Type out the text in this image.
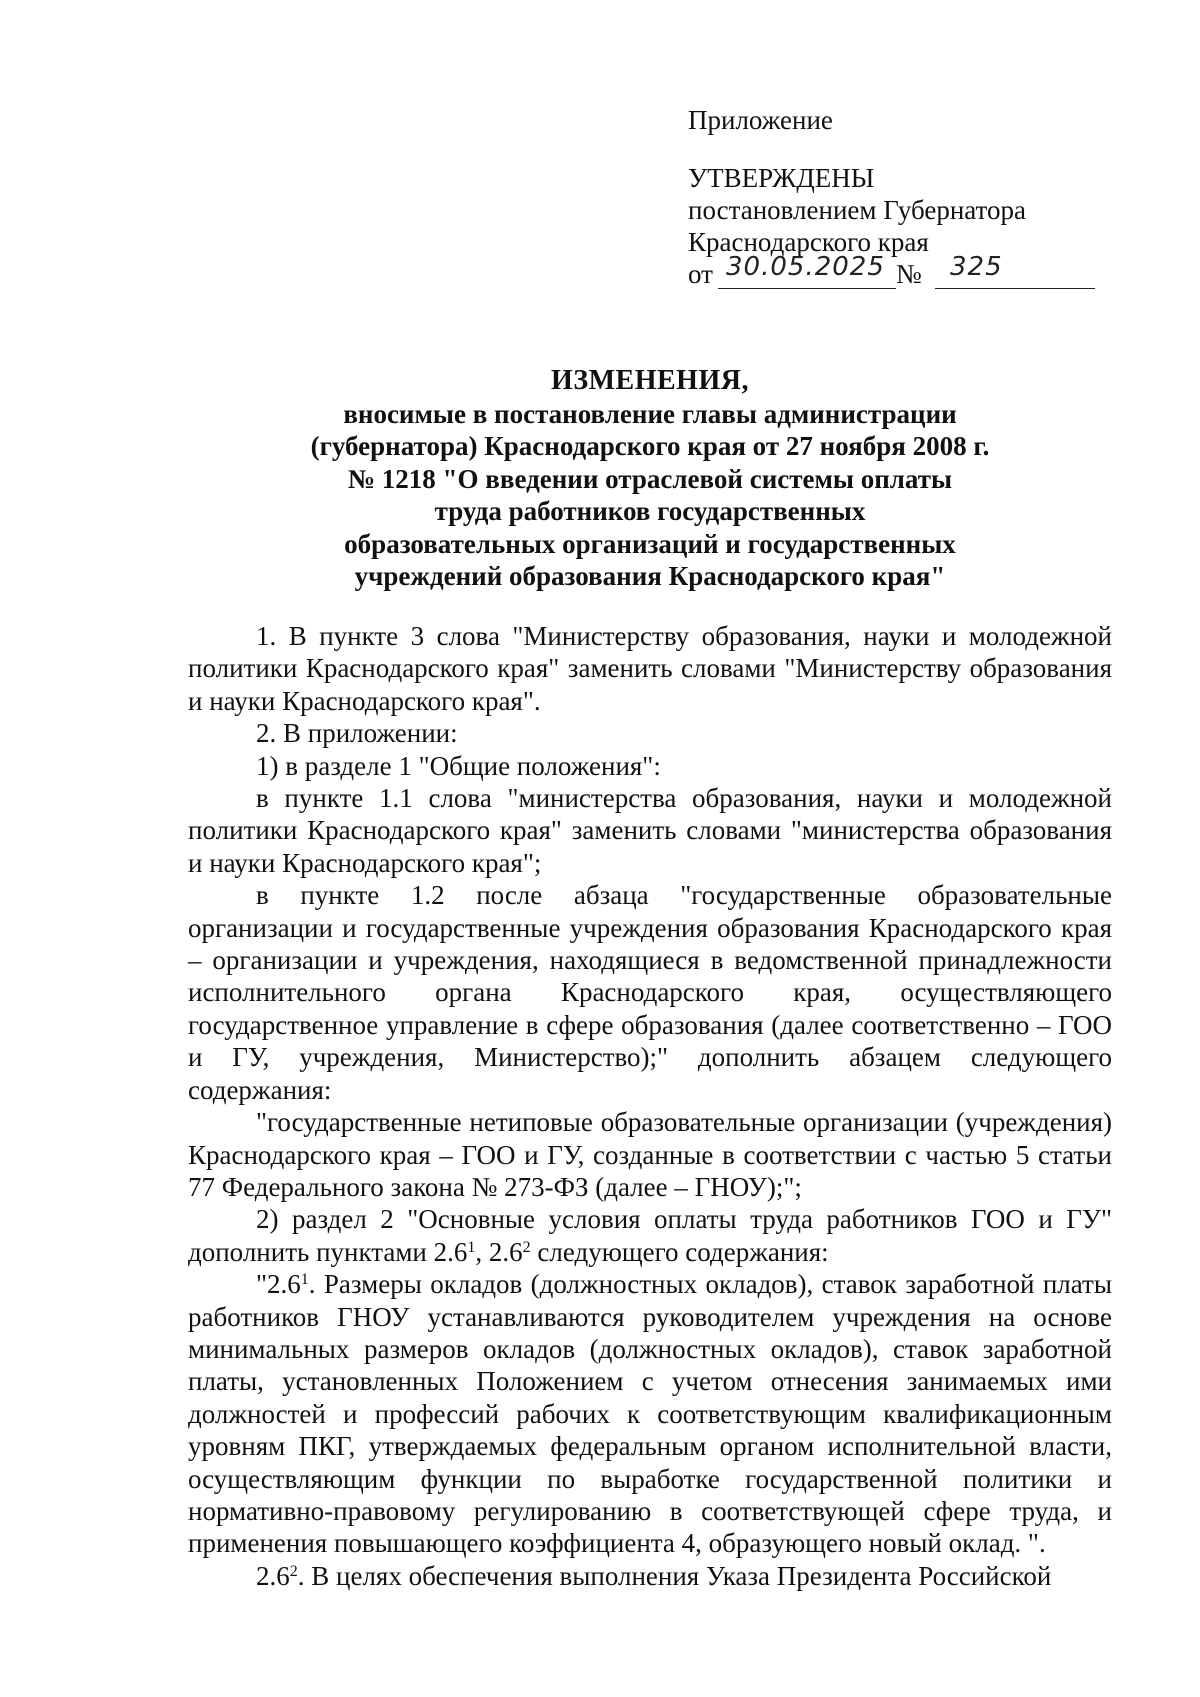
Приложение
УТВЕРЖДЕНЫ
постановлением Губернатора
Краснодарского края
от 30.05.2025 № 325
ИЗМЕНЕНИЯ,
вносимые в постановление главы администрации
(губернатора) Краснодарского края от 27 ноября 2008 г.
№ 1218 "О введении отраслевой системы оплаты
труда работников государственных
образовательных организаций и государственных
учреждений образования Краснодарского края"

1. В пункте 3 слова "Министерству образования, науки и молодежной политики Краснодарского края" заменить словами "Министерству образования и науки Краснодарского края".

2. В приложении:

1) в разделе 1 "Общие положения":

в пункте 1.1 слова "министерства образования, науки и молодежной политики Краснодарского края" заменить словами "министерства образования и науки Краснодарского края";

в пункте 1.2 после абзаца "государственные образовательные организации и государственные учреждения образования Краснодарского края – организации и учреждения, находящиеся в ведомственной принадлежности исполнительного органа Краснодарского края, осуществляющего государственное управление в сфере образования (далее соответственно – ГОО и ГУ, учреждения, Министерство);" дополнить абзацем следующего содержания:

"государственные нетиповые образовательные организации (учреждения) Краснодарского края – ГОО и ГУ, созданные в соответствии с частью 5 статьи 77 Федерального закона № 273-ФЗ (далее – ГНОУ);";

2) раздел 2 "Основные условия оплаты труда работников ГОО и ГУ" дополнить пунктами $2.6^1$, $2.6^2$ следующего содержания:

"$2.6^1$. Размеры окладов (должностных окладов), ставок заработной платы работников ГНОУ устанавливаются руководителем учреждения на основе минимальных размеров окладов (должностных окладов), ставок заработной платы, установленных Положением с учетом отнесения занимаемых ими должностей и профессий рабочих к соответствующим квалификационным уровням ПКГ, утверждаемых федеральным органом исполнительной власти, осуществляющим функции по выработке государственной политики и нормативно-правовому регулированию в соответствующей сфере труда, и применения повышающего коэффициента 4, образующего новый оклад. ".

$2.6^2$. В целях обеспечения выполнения Указа Президента Российской
